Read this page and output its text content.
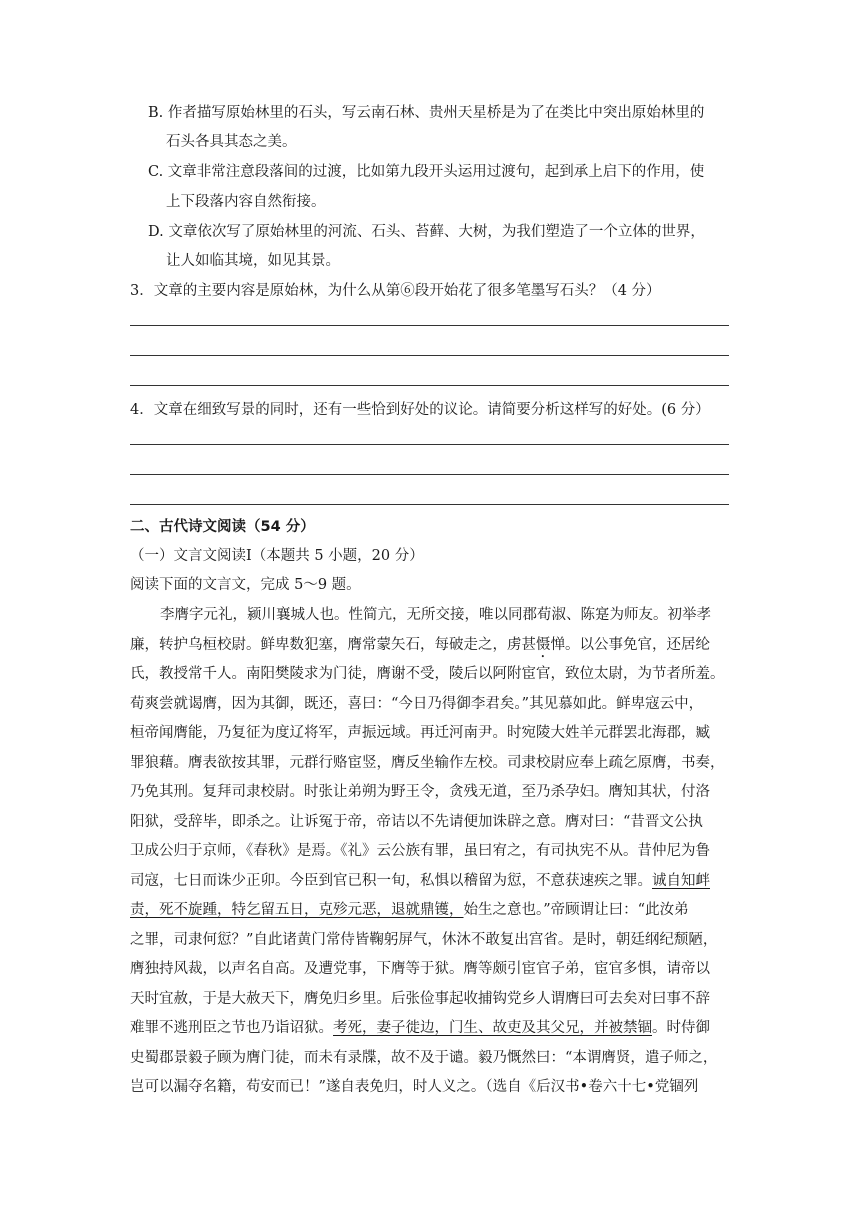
B. 作者描写原始林里的石头，写云南石林、贵州天星桥是为了在类比中突出原始林里的
石头各具其态之美。
C. 文章非常注意段落间的过渡，比如第九段开头运用过渡句，起到承上启下的作用，使
上下段落内容自然衔接。
D. 文章依次写了原始林里的河流、石头、苔藓、大树，为我们塑造了一个立体的世界，
让人如临其境，如见其景。
3．文章的主要内容是原始林，为什么从第⑥段开始花了很多笔墨写石头？（4 分）
4．文章在细致写景的同时，还有一些恰到好处的议论。请简要分析这样写的好处。(6 分）
二、古代诗文阅读（54 分）
（一）文言文阅读Ⅰ（本题共 5 小题，20 分）
阅读下面的文言文，完成 5～9 题。
李膺字元礼，颍川襄城人也。性简亢，无所交接，唯以同郡荀淑、陈寔为师友。初举孝
廉，转护乌桓校尉。鲜卑数犯塞，膺常蒙矢石，每破走之，虏甚慑惮。以公事免官，还居纶
氏，教授常千人。南阳樊陵求为门徒，膺谢不受，陵后以阿附宦官，致位太尉，为节者所羞。
荀爽尝就谒膺，因为其御，既还，喜曰：“今日乃得御李君矣。”其见慕如此。鲜卑寇云中，
桓帝闻膺能，乃复征为度辽将军，声振远域。再迁河南尹。时宛陵大姓羊元群罢北海郡，臧
罪狼藉。膺表欲按其罪，元群行赂宦竖，膺反坐输作左校。司隶校尉应奉上疏乞原膺，书奏，
乃免其刑。复拜司隶校尉。时张让弟朔为野王令，贪残无道，至乃杀孕妇。膺知其状，付洛
阳狱，受辞毕，即杀之。让诉冤于帝，帝诘以不先请便加诛辟之意。膺对曰：“昔晋文公执
卫成公归于京师，《春秋》是焉。《礼》云公族有罪，虽曰宥之，有司执宪不从。昔仲尼为鲁
司寇，七日而诛少正卯。今臣到官已积一旬，私惧以稽留为愆，不意获速疾之罪。诚自知衅
责，死不旋踵，特乞留五日，克殄元恶，退就鼎镬，始生之意也。”帝顾谓让曰：“此汝弟
之罪，司隶何愆？”自此诸黄门常侍皆鞠躬屏气，休沐不敢复出宫省。是时，朝廷纲纪颓陋，
膺独持风裁，以声名自高。及遭党事，下膺等于狱。膺等颇引宦官子弟，宦官多惧，请帝以
天时宜赦，于是大赦天下，膺免归乡里。后张俭事起收捕钩党乡人谓膺曰可去矣对曰事不辞
难罪不逃刑臣之节也乃诣诏狱。考死，妻子徙边，门生、故吏及其父兄，并被禁锢。时侍御
史蜀郡景毅子顾为膺门徒，而未有录牒，故不及于谴。毅乃慨然曰：“本谓膺贤，遣子师之，
岂可以漏夺名籍，苟安而已！”遂自表免归，时人义之。（选自《后汉书•卷六十七•党锢列
